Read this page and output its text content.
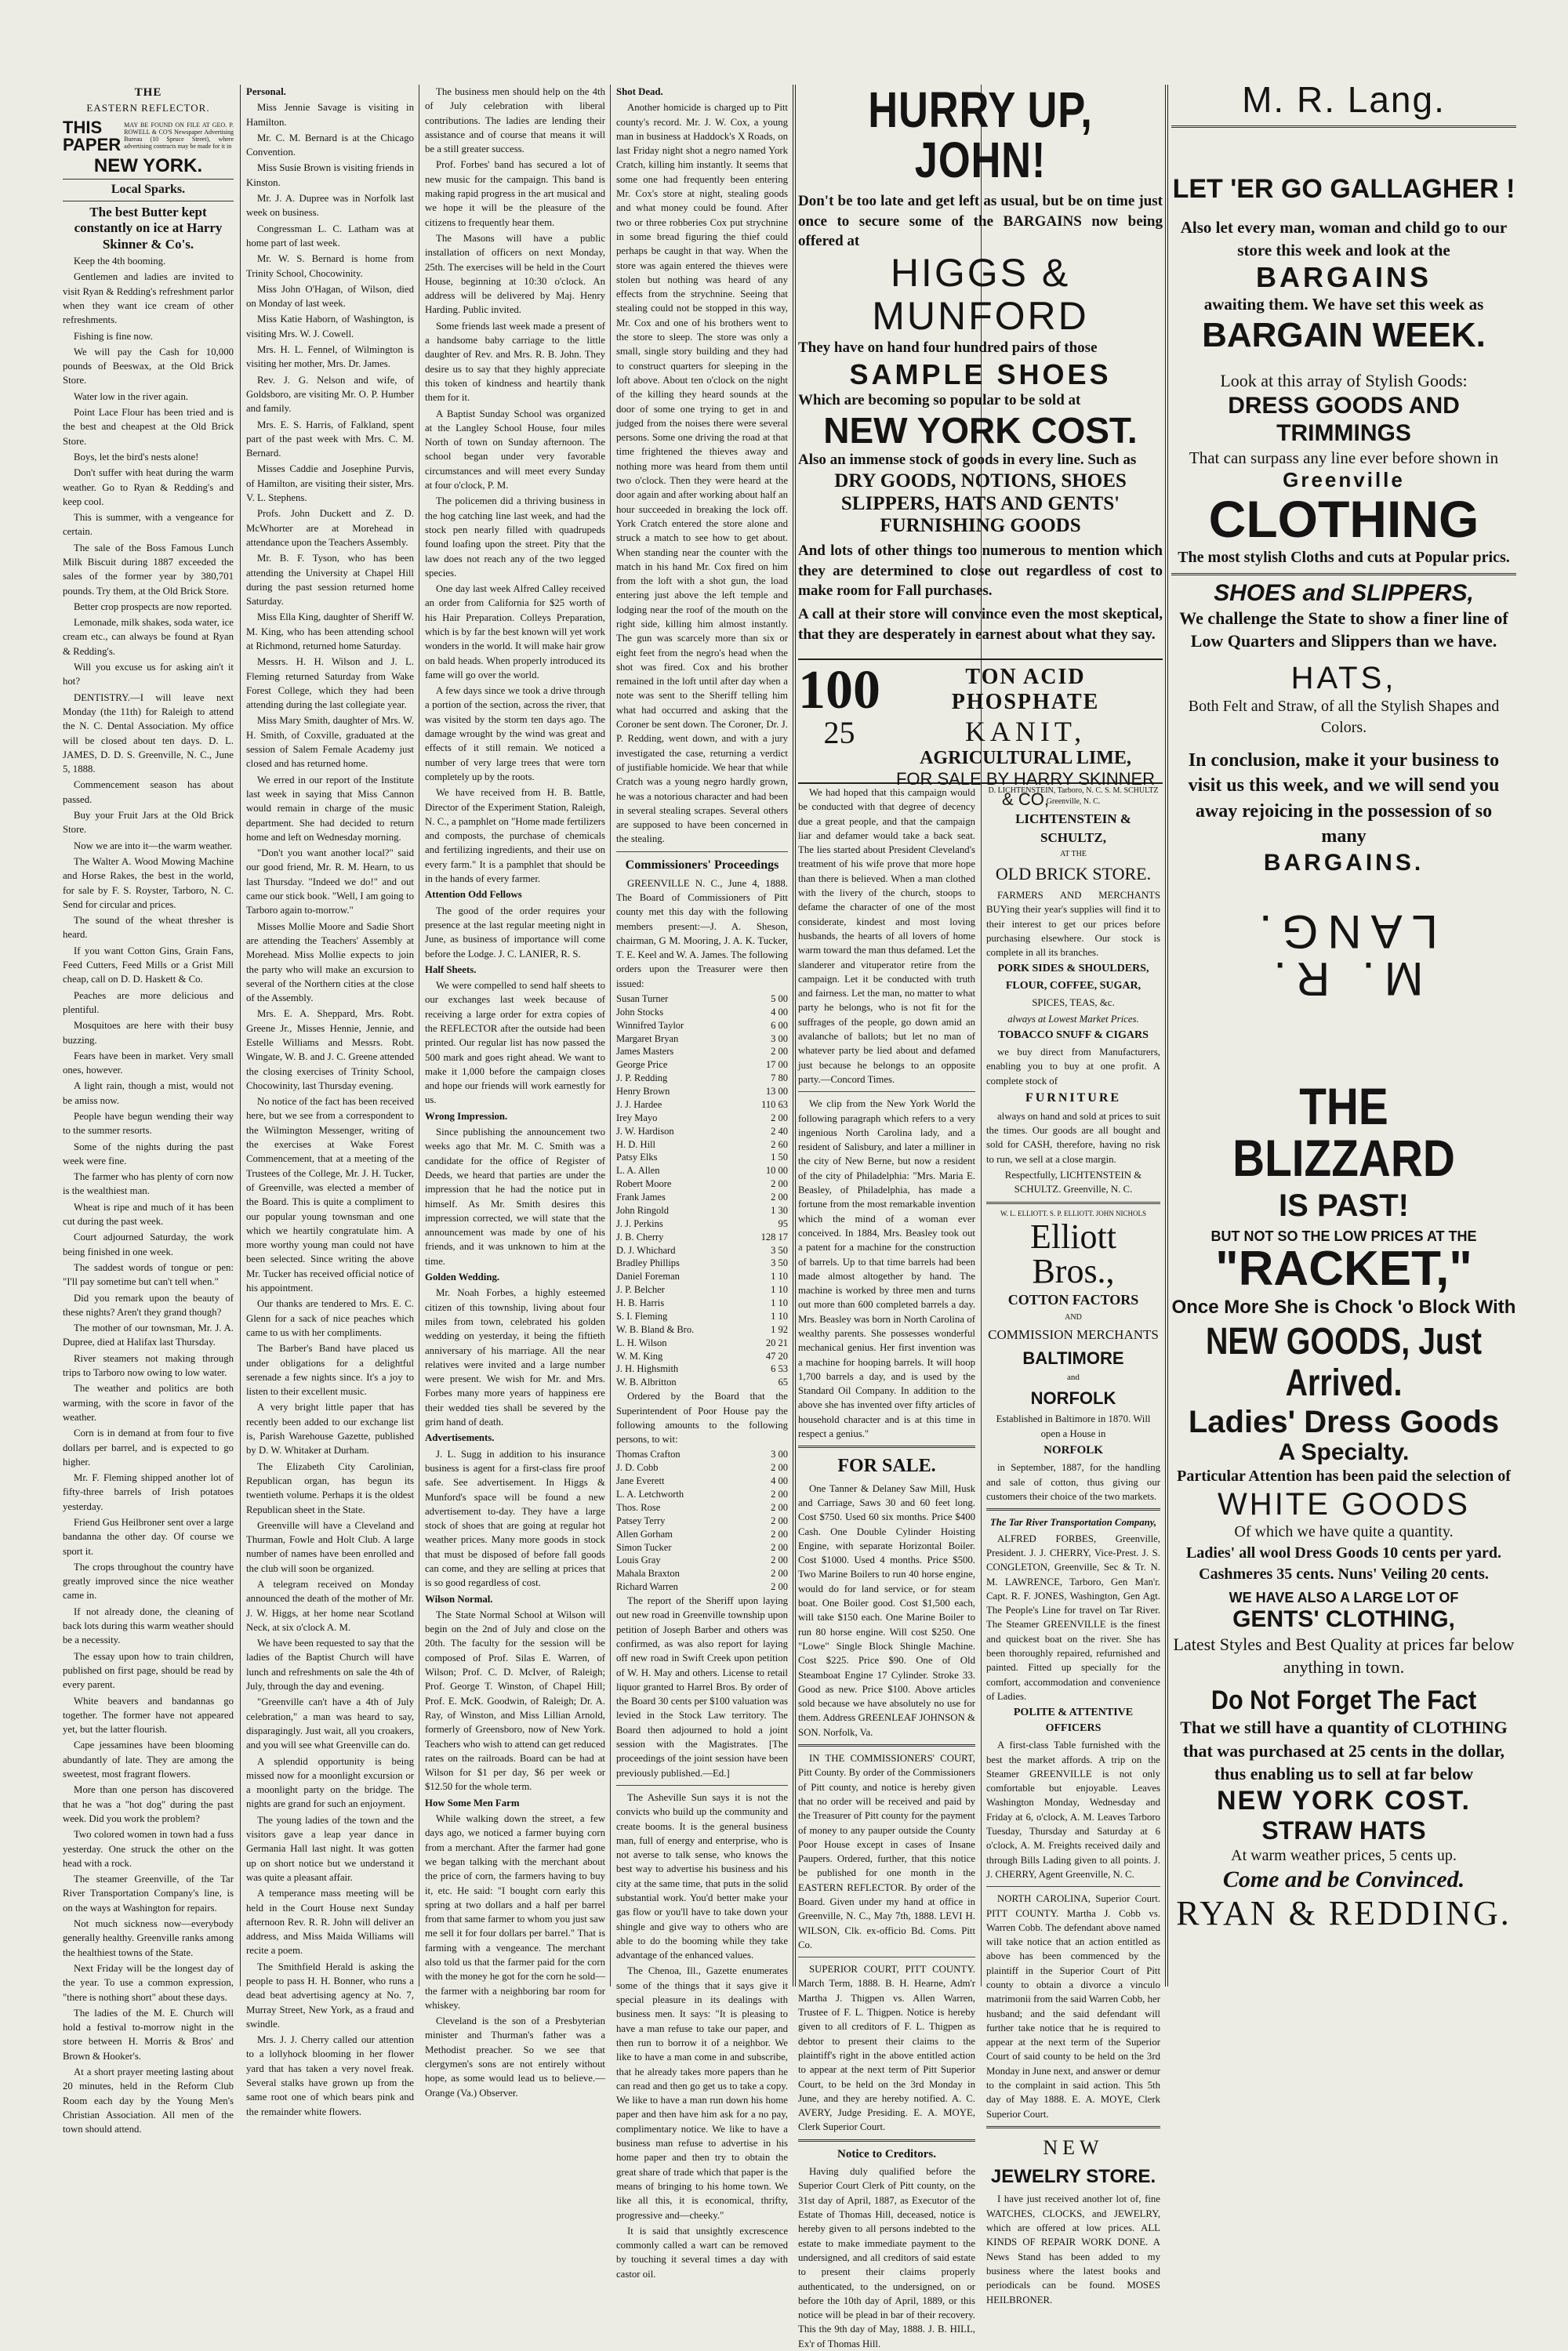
THE
EASTERN REFLECTOR.
THIS PAPER
MAY BE FOUND ON FILE AT GEO. P. ROWELL & CO'S Newspaper Advertising Bureau (10 Spruce Street), where advertising contracts may be made for it in
NEW YORK.
Local Sparks.

The best Butter kept constantly on ice at Harry Skinner & Co's.

Keep the 4th booming.

Gentlemen and ladies are invited to visit Ryan & Redding's refreshment parlor when they want ice cream of other refreshments.

Fishing is fine now.

We will pay the Cash for 10,000 pounds of Beeswax, at the Old Brick Store.

Water low in the river again.

Point Lace Flour has been tried and is the best and cheapest at the Old Brick Store.

Boys, let the bird's nests alone!

Don't suffer with heat during the warm weather. Go to Ryan & Redding's and keep cool.

This is summer, with a vengeance for certain.

The sale of the Boss Famous Lunch Milk Biscuit during 1887 exceeded the sales of the former year by 380,701 pounds. Try them, at the Old Brick Store.

Better crop prospects are now reported.

Lemonade, milk shakes, soda water, ice cream etc., can always be found at Ryan & Redding's.

Will you excuse us for asking ain't it hot?

DENTISTRY.—I will leave next Monday (the 11th) for Raleigh to attend the N. C. Dental Association. My office will be closed about ten days. D. L. JAMES, D. D. S. Greenville, N. C., June 5, 1888.

Commencement season has about passed.

Buy your Fruit Jars at the Old Brick Store.

Now we are into it—the warm weather.

The Walter A. Wood Mowing Machine and Horse Rakes, the best in the world, for sale by F. S. Royster, Tarboro, N. C. Send for circular and prices.

The sound of the wheat thresher is heard.

If you want Cotton Gins, Grain Fans, Feed Cutters, Feed Mills or a Grist Mill cheap, call on D. D. Haskett & Co.

Peaches are more delicious and plentiful.

Mosquitoes are here with their busy buzzing.

Fears have been in market. Very small ones, however.

A light rain, though a mist, would not be amiss now.

People have begun wending their way to the summer resorts.

Some of the nights during the past week were fine.

The farmer who has plenty of corn now is the wealthiest man.

Wheat is ripe and much of it has been cut during the past week.

Court adjourned Saturday, the work being finished in one week.

The saddest words of tongue or pen: "I'll pay sometime but can't tell when."

Did you remark upon the beauty of these nights? Aren't they grand though?

The mother of our townsman, Mr. J. A. Dupree, died at Halifax last Thursday.

River steamers not making through trips to Tarboro now owing to low water.

The weather and politics are both warming, with the score in favor of the weather.

Corn is in demand at from four to five dollars per barrel, and is expected to go higher.

Mr. F. Fleming shipped another lot of fifty-three barrels of Irish potatoes yesterday.

Friend Gus Heilbroner sent over a large bandanna the other day. Of course we sport it.

The crops throughout the country have greatly improved since the nice weather came in.

If not already done, the cleaning of back lots during this warm weather should be a necessity.

The essay upon how to train children, published on first page, should be read by every parent.

White beavers and bandannas go together. The former have not appeared yet, but the latter flourish.

Cape jessamines have been blooming abundantly of late. They are among the sweetest, most fragrant flowers.

More than one person has discovered that he was a "hot dog" during the past week. Did you work the problem?

Two colored women in town had a fuss yesterday. One struck the other on the head with a rock.

The steamer Greenville, of the Tar River Transportation Company's line, is on the ways at Washington for repairs.

Not much sickness now—everybody generally healthy. Greenville ranks among the healthiest towns of the State.

Next Friday will be the longest day of the year. To use a common expression, "there is nothing short" about these days.

The ladies of the M. E. Church will hold a festival to-morrow night in the store between H. Morris & Bros' and Brown & Hooker's.

At a short prayer meeting lasting about 20 minutes, held in the Reform Club Room each day by the Young Men's Christian Association. All men of the town should attend.

Personal.

Miss Jennie Savage is visiting in Hamilton.

Mr. C. M. Bernard is at the Chicago Convention.

Miss Susie Brown is visiting friends in Kinston.

Mr. J. A. Dupree was in Norfolk last week on business.

Congressman L. C. Latham was at home part of last week.

Mr. W. S. Bernard is home from Trinity School, Chocowinity.

Miss John O'Hagan, of Wilson, died on Monday of last week.

Miss Katie Haborn, of Washington, is visiting Mrs. W. J. Cowell.

Mrs. H. L. Fennel, of Wilmington is visiting her mother, Mrs. Dr. James.

Rev. J. G. Nelson and wife, of Goldsboro, are visiting Mr. O. P. Humber and family.

Mrs. E. S. Harris, of Falkland, spent part of the past week with Mrs. C. M. Bernard.

Misses Caddie and Josephine Purvis, of Hamilton, are visiting their sister, Mrs. V. L. Stephens.

Profs. John Duckett and Z. D. McWhorter are at Morehead in attendance upon the Teachers Assembly.

Mr. B. F. Tyson, who has been attending the University at Chapel Hill during the past session returned home Saturday.

Miss Ella King, daughter of Sheriff W. M. King, who has been attending school at Richmond, returned home Saturday.

Messrs. H. H. Wilson and J. L. Fleming returned Saturday from Wake Forest College, which they had been attending during the last collegiate year.

Miss Mary Smith, daughter of Mrs. W. H. Smith, of Coxville, graduated at the session of Salem Female Academy just closed and has returned home.

We erred in our report of the Institute last week in saying that Miss Cannon would remain in charge of the music department. She had decided to return home and left on Wednesday morning.

"Don't you want another local?" said our good friend, Mr. R. M. Hearn, to us last Thursday. "Indeed we do!" and out came our stick book. "Well, I am going to Tarboro again to-morrow."

Misses Mollie Moore and Sadie Short are attending the Teachers' Assembly at Morehead. Miss Mollie expects to join the party who will make an excursion to several of the Northern cities at the close of the Assembly.

Mrs. E. A. Sheppard, Mrs. Robt. Greene Jr., Misses Hennie, Jennie, and Estelle Williams and Messrs. Robt. Wingate, W. B. and J. C. Greene attended the closing exercises of Trinity School, Chocowinity, last Thursday evening.

No notice of the fact has been received here, but we see from a correspondent to the Wilmington Messenger, writing of the exercises at Wake Forest Commencement, that at a meeting of the Trustees of the College, Mr. J. H. Tucker, of Greenville, was elected a member of the Board. This is quite a compliment to our popular young townsman and one which we heartily congratulate him. A more worthy young man could not have been selected. Since writing the above Mr. Tucker has received official notice of his appointment.

Our thanks are tendered to Mrs. E. C. Glenn for a sack of nice peaches which came to us with her compliments.

The Barber's Band have placed us under obligations for a delightful serenade a few nights since. It's a joy to listen to their excellent music.

A very bright little paper that has recently been added to our exchange list is, Parish Warehouse Gazette, published by D. W. Whitaker at Durham.

The Elizabeth City Carolinian, Republican organ, has begun its twentieth volume. Perhaps it is the oldest Republican sheet in the State.

Greenville will have a Cleveland and Thurman, Fowle and Holt Club. A large number of names have been enrolled and the club will soon be organized.

A telegram received on Monday announced the death of the mother of Mr. J. W. Higgs, at her home near Scotland Neck, at six o'clock A. M.

We have been requested to say that the ladies of the Baptist Church will have lunch and refreshments on sale the 4th of July, through the day and evening.

"Greenville can't have a 4th of July celebration," a man was heard to say, disparagingly. Just wait, all you croakers, and you will see what Greenville can do.

A splendid opportunity is being missed now for a moonlight excursion or a moonlight party on the bridge. The nights are grand for such an enjoyment.

The young ladies of the town and the visitors gave a leap year dance in Germania Hall last night. It was gotten up on short notice but we understand it was quite a pleasant affair.

A temperance mass meeting will be held in the Court House next Sunday afternoon Rev. R. R. John will deliver an address, and Miss Maida Williams will recite a poem.

The Smithfield Herald is asking the people to pass H. H. Bonner, who runs a dead beat advertising agency at No. 7, Murray Street, New York, as a fraud and swindle.

Mrs. J. J. Cherry called our attention to a lollyhock blooming in her flower yard that has taken a very novel freak. Several stalks have grown up from the same root one of which bears pink and the remainder white flowers.

The business men should help on the 4th of July celebration with liberal contributions. The ladies are lending their assistance and of course that means it will be a still greater success.

Prof. Forbes' band has secured a lot of new music for the campaign. This band is making rapid progress in the art musical and we hope it will be the pleasure of the citizens to frequently hear them.

The Masons will have a public installation of officers on next Monday, 25th. The exercises will be held in the Court House, beginning at 10:30 o'clock. An address will be delivered by Maj. Henry Harding. Public invited.

Some friends last week made a present of a handsome baby carriage to the little daughter of Rev. and Mrs. R. B. John. They desire us to say that they highly appreciate this token of kindness and heartily thank them for it.

A Baptist Sunday School was organized at the Langley School House, four miles North of town on Sunday afternoon. The school began under very favorable circumstances and will meet every Sunday at four o'clock, P. M.

The policemen did a thriving business in the hog catching line last week, and had the stock pen nearly filled with quadrupeds found loafing upon the street. Pity that the law does not reach any of the two legged species.

One day last week Alfred Calley received an order from California for $25 worth of his Hair Preparation. Colleys Preparation, which is by far the best known will yet work wonders in the world. It will make hair grow on bald heads. When properly introduced its fame will go over the world.

A few days since we took a drive through a portion of the section, across the river, that was visited by the storm ten days ago. The damage wrought by the wind was great and effects of it still remain. We noticed a number of very large trees that were torn completely up by the roots.

We have received from H. B. Battle, Director of the Experiment Station, Raleigh, N. C., a pamphlet on "Home made fertilizers and composts, the purchase of chemicals and fertilizing ingredients, and their use on every farm." It is a pamphlet that should be in the hands of every farmer.

Attention Odd Fellows

The good of the order requires your presence at the last regular meeting night in June, as business of importance will come before the Lodge. J. C. LANIER, R. S.

Half Sheets.

We were compelled to send half sheets to our exchanges last week because of receiving a large order for extra copies of the REFLECTOR after the outside had been printed. Our regular list has now passed the 500 mark and goes right ahead. We want to make it 1,000 before the campaign closes and hope our friends will work earnestly for us.

Wrong Impression.

Since publishing the announcement two weeks ago that Mr. M. C. Smith was a candidate for the office of Register of Deeds, we heard that parties are under the impression that he had the notice put in himself. As Mr. Smith desires this impression corrected, we will state that the announcement was made by one of his friends, and it was unknown to him at the time.

Golden Wedding.

Mr. Noah Forbes, a highly esteemed citizen of this township, living about four miles from town, celebrated his golden wedding on yesterday, it being the fiftieth anniversary of his marriage. All the near relatives were invited and a large number were present. We wish for Mr. and Mrs. Forbes many more years of happiness ere their wedded ties shall be severed by the grim hand of death.

Advertisements.

J. L. Sugg in addition to his insurance business is agent for a first-class fire proof safe. See advertisement. In Higgs & Munford's space will be found a new advertisement to-day. They have a large stock of shoes that are going at regular hot weather prices. Many more goods in stock that must be disposed of before fall goods can come, and they are selling at prices that is so good regardless of cost.

Wilson Normal.

The State Normal School at Wilson will begin on the 2nd of July and close on the 20th. The faculty for the session will be composed of Prof. Silas E. Warren, of Wilson; Prof. C. D. McIver, of Raleigh; Prof. George T. Winston, of Chapel Hill; Prof. E. McK. Goodwin, of Raleigh; Dr. A. Ray, of Winston, and Miss Lillian Arnold, formerly of Greensboro, now of New York. Teachers who wish to attend can get reduced rates on the railroads. Board can be had at Wilson for $1 per day, $6 per week or $12.50 for the whole term.

How Some Men Farm

While walking down the street, a few days ago, we noticed a farmer buying corn from a merchant. After the farmer had gone we began talking with the merchant about the price of corn, the farmers having to buy it, etc. He said: "I bought corn early this spring at two dollars and a half per barrel from that same farmer to whom you just saw me sell it for four dollars per barrel." That is farming with a vengeance. The merchant also told us that the farmer paid for the corn with the money he got for the corn he sold—the farmer with a neighboring bar room for whiskey.

Cleveland is the son of a Presbyterian minister and Thurman's father was a Methodist preacher. So we see that clergymen's sons are not entirely without hope, as some would lead us to believe.—Orange (Va.) Observer.

Shot Dead.

Another homicide is charged up to Pitt county's record. Mr. J. W. Cox, a young man in business at Haddock's X Roads, on last Friday night shot a negro named York Cratch, killing him instantly. It seems that some one had frequently been entering Mr. Cox's store at night, stealing goods and what money could be found. After two or three robberies Cox put strychnine in some bread figuring the thief could perhaps be caught in that way. When the store was again entered the thieves were stolen but nothing was heard of any effects from the strychnine. Seeing that stealing could not be stopped in this way, Mr. Cox and one of his brothers went to the store to sleep. The store was only a small, single story building and they had to construct quarters for sleeping in the loft above. About ten o'clock on the night of the killing they heard sounds at the door of some one trying to get in and judged from the noises there were several persons. Some one driving the road at that time frightened the thieves away and nothing more was heard from them until two o'clock. Then they were heard at the door again and after working about half an hour succeeded in breaking the lock off. York Cratch entered the store alone and struck a match to see how to get about. When standing near the counter with the match in his hand Mr. Cox fired on him from the loft with a shot gun, the load entering just above the left temple and lodging near the roof of the mouth on the right side, killing him almost instantly. The gun was scarcely more than six or eight feet from the negro's head when the shot was fired. Cox and his brother remained in the loft until after day when a note was sent to the Sheriff telling him what had occurred and asking that the Coroner be sent down. The Coroner, Dr. J. P. Redding, went down, and with a jury investigated the case, returning a verdict of justifiable homicide. We hear that while Cratch was a young negro hardly grown, he was a notorious character and had been in several stealing scrapes. Several others are supposed to have been concerned in the stealing.

Commissioners' Proceedings

GREENVILLE N. C., June 4, 1888. The Board of Commissioners of Pitt county met this day with the following members present:—J. A. Sheson, chairman, G M. Mooring, J. A. K. Tucker, T. E. Keel and W. A. James. The following orders upon the Treasurer were then issued:

Susan Turner	5 00
John Stocks	4 00
Winnifred Taylor	6 00
Margaret Bryan	3 00
James Masters	2 00
George Price	17 00
J. P. Redding	7 80
Henry Brown	13 00
J. J. Hardee	110 63
Irey Mayo	2 00
J. W. Hardison	2 40
H. D. Hill	2 60
Patsy Elks	1 50
L. A. Allen	10 00
Robert Moore	2 00
Frank James	2 00
John Ringold	1 30
J. J. Perkins	95
J. B. Cherry	128 17
D. J. Whichard	3 50
Bradley Phillips	3 50
Daniel Foreman	1 10
J. P. Belcher	1 10
H. B. Harris	1 10
S. I. Fleming	1 10
W. B. Bland & Bro.	1 92
L. H. Wilson	20 21
W. M. King	47 20
J. H. Highsmith	6 53
W. B. Albritton	65

Ordered by the Board that the Superintendent of Poor House pay the following amounts to the following persons, to wit:

Thomas Crafton	3 00
J. D. Cobb	2 00
Jane Everett	4 00
L. A. Letchworth	2 00
Thos. Rose	2 00
Patsey Terry	2 00
Allen Gorham	2 00
Simon Tucker	2 00
Louis Gray	2 00
Mahala Braxton	2 00
Richard Warren	2 00

The report of the Sheriff upon laying out new road in Greenville township upon petition of Joseph Barber and others was confirmed, as was also report for laying off new road in Swift Creek upon petition of W. H. May and others. License to retail liquor granted to Harrel Bros. By order of the Board 30 cents per $100 valuation was levied in the Stock Law territory. The Board then adjourned to hold a joint session with the Magistrates. [The proceedings of the joint session have been previously published.—Ed.]

The Asheville Sun says it is not the convicts who build up the community and create booms. It is the general business man, full of energy and enterprise, who is not averse to talk sense, who knows the best way to advertise his business and his city at the same time, that puts in the solid substantial work. You'd better make your gas flow or you'll have to take down your shingle and give way to others who are able to do the booming while they take advantage of the enhanced values.

The Chenoa, Ill., Gazette enumerates some of the things that it says give it special pleasure in its dealings with business men. It says: "It is pleasing to have a man refuse to take our paper, and then run to borrow it of a neighbor. We like to have a man come in and subscribe, that he already takes more papers than he can read and then go get us to take a copy. We like to have a man run down his home paper and then have him ask for a no pay, complimentary notice. We like to have a business man refuse to advertise in his home paper and then try to obtain the great share of trade which that paper is the means of bringing to his home town. We like all this, it is economical, thrifty, progressive and—cheeky."

It is said that unsightly excrescence commonly called a wart can be removed by touching it several times a day with castor oil.

HURRY UP, JOHN!
Don't be too late and get left as usual, but be on time just once to secure some of the BARGAINS now being offered at
HIGGS & MUNFORD
They have on hand four hundred pairs of those
SAMPLE SHOES
Which are becoming so popular to be sold at
NEW YORK COST.
Also an immense stock of goods in every line. Such as
DRY GOODS, NOTIONS, SHOES
SLIPPERS, HATS AND GENTS' FURNISHING GOODS
And lots of other things too numerous to mention which they are determined to close out regardless of cost to make room for Fall purchases.
A call at their store will convince even the most skeptical, that they are desperately in earnest about what they say.
100
25
TON ACID PHOSPHATE
KANIT,
AGRICULTURAL LIME,
FOR SALE BY HARRY SKINNER & CO,

We had hoped that this campaign would be conducted with that degree of decency due a great people, and that the campaign liar and defamer would take a back seat. The lies started about President Cleveland's treatment of his wife prove that more hope than there is believed. When a man clothed with the livery of the church, stoops to defame the character of one of the most considerate, kindest and most loving husbands, the hearts of all lovers of home warm toward the man thus defamed. Let the slanderer and vituperator retire from the campaign. Let it be conducted with truth and fairness. Let the man, no matter to what party he belongs, who is not fit for the suffrages of the people, go down amid an avalanche of ballots; but let no man of whatever party be lied about and defamed just because he belongs to an opposite party.—Concord Times.

We clip from the New York World the following paragraph which refers to a very ingenious North Carolina lady, and a resident of Salisbury, and later a milliner in the city of New Berne, but now a resident of the city of Philadelphia: "Mrs. Maria E. Beasley, of Philadelphia, has made a fortune from the most remarkable invention which the mind of a woman ever conceived. In 1884, Mrs. Beasley took out a patent for a machine for the construction of barrels. Up to that time barrels had been made almost altogether by hand. The machine is worked by three men and turns out more than 600 completed barrels a day. Mrs. Beasley was born in North Carolina of wealthy parents. She possesses wonderful mechanical genius. Her first invention was a machine for hooping barrels. It will hoop 1,700 barrels a day, and is used by the Standard Oil Company. In addition to the above she has invented over fifty articles of household character and is at this time in respect a genius."

FOR SALE.

One Tanner & Delaney Saw Mill, Husk and Carriage, Saws 30 and 60 feet long. Cost $750. Used 60 six months. Price $400 Cash. One Double Cylinder Hoisting Engine, with separate Horizontal Boiler. Cost $1000. Used 4 months. Price $500. Two Marine Boilers to run 40 horse engine, would do for land service, or for steam boat. One Boiler good. Cost $1,500 each, will take $150 each. One Marine Boiler to run 80 horse engine. Will cost $250. One "Lowe" Single Block Shingle Machine. Cost $225. Price $90. One of Old Steamboat Engine 17 Cylinder. Stroke 33. Good as new. Price $100. Above articles sold because we have absolutely no use for them. Address GREENLEAF JOHNSON & SON. Norfolk, Va.

IN THE COMMISSIONERS' COURT, Pitt County. By order of the Commissioners of Pitt county, and notice is hereby given that no order will be received and paid by the Treasurer of Pitt county for the payment of money to any pauper outside the County Poor House except in cases of Insane Paupers. Ordered, further, that this notice be published for one month in the EASTERN REFLECTOR. By order of the Board. Given under my hand at office in Greenville, N. C., May 7th, 1888. LEVI H. WILSON, Clk. ex-officio Bd. Coms. Pitt Co.

SUPERIOR COURT, PITT COUNTY. March Term, 1888. B. H. Hearne, Adm'r Martha J. Thigpen vs. Allen Warren, Trustee of F. L. Thigpen. Notice is hereby given to all creditors of F. L. Thigpen as debtor to present their claims to the plaintiff's right in the above entitled action to appear at the next term of Pitt Superior Court, to be held on the 3rd Monday in June, and they are hereby notified. A. C. AVERY, Judge Presiding. E. A. MOYE, Clerk Superior Court.

Notice to Creditors.

Having duly qualified before the Superior Court Clerk of Pitt county, on the 31st day of April, 1887, as Executor of the Estate of Thomas Hill, deceased, notice is hereby given to all persons indebted to the estate to make immediate payment to the undersigned, and all creditors of said estate to present their claims properly authenticated, to the undersigned, on or before the 10th day of April, 1889, or this notice will be plead in bar of their recovery. This the 9th day of May, 1888. J. B. HILL, Ex'r of Thomas Hill.

D. LICHTENSTEIN, Tarboro, N. C. S. M. SCHULTZ Greenville, N. C.

LICHTENSTEIN & SCHULTZ,

AT THE

OLD BRICK STORE.

FARMERS AND MERCHANTS BUYing their year's supplies will find it to their interest to get our prices before purchasing elsewhere. Our stock is complete in all its branches.

PORK SIDES & SHOULDERS,

FLOUR, COFFEE, SUGAR,

SPICES, TEAS, &c.

always at Lowest Market Prices.

TOBACCO SNUFF & CIGARS

we buy direct from Manufacturers, enabling you to buy at one profit. A complete stock of

FURNITURE

always on hand and sold at prices to suit the times. Our goods are all bought and sold for CASH, therefore, having no risk to run, we sell at a close margin.

Respectfully, LICHTENSTEIN & SCHULTZ. Greenville, N. C.

W. L. ELLIOTT. S. P. ELLIOTT. JOHN NICHOLS

Elliott Bros.,

COTTON FACTORS

AND

COMMISSION MERCHANTS

BALTIMORE

and

NORFOLK

Established in Baltimore in 1870. Will open a House in

NORFOLK

in September, 1887, for the handling and sale of cotton, thus giving our customers their choice of the two markets.

The Tar River Transportation Company,

ALFRED FORBES, Greenville, President. J. J. CHERRY, Vice-Prest. J. S. CONGLETON, Greenville, Sec & Tr. N. M. LAWRENCE, Tarboro, Gen Man'r. Capt. R. F. JONES, Washington, Gen Agt. The People's Line for travel on Tar River. The Steamer GREENVILLE is the finest and quickest boat on the river. She has been thoroughly repaired, refurnished and painted. Fitted up specially for the comfort, accommodation and convenience of Ladies.

POLITE & ATTENTIVE OFFICERS

A first-class Table furnished with the best the market affords. A trip on the Steamer GREENVILLE is not only comfortable but enjoyable. Leaves Washington Monday, Wednesday and Friday at 6, o'clock, A. M. Leaves Tarboro Tuesday, Thursday and Saturday at 6 o'clock, A. M. Freights received daily and through Bills Lading given to all points. J. J. CHERRY, Agent Greenville, N. C.

NORTH CAROLINA, Superior Court. PITT COUNTY. Martha J. Cobb vs. Warren Cobb. The defendant above named will take notice that an action entitled as above has been commenced by the plaintiff in the Superior Court of Pitt county to obtain a divorce a vinculo matrimonii from the said Warren Cobb, her husband; and the said defendant will further take notice that he is required to appear at the next term of the Superior Court of said county to be held on the 3rd Monday in June next, and answer or demur to the complaint in said action. This 5th day of May 1888. E. A. MOYE, Clerk Superior Court.

NEW

JEWELRY STORE.

I have just received another lot of, fine WATCHES, CLOCKS, and JEWELRY, which are offered at low prices. ALL KINDS OF REPAIR WORK DONE. A News Stand has been added to my business where the latest books and periodicals can be found. MOSES HEILBRONER.

M. R. Lang.
LET 'ER GO GALLAGHER !
Also let every man, woman and child go to our store this week and look at the
BARGAINS
awaiting them. We have set this week as
BARGAIN WEEK.
Look at this array of Stylish Goods:
DRESS GOODS AND TRIMMINGS
That can surpass any line ever before shown in
Greenville
CLOTHING
The most stylish Cloths and cuts at Popular prics.
SHOES and SLIPPERS,
We challenge the State to show a finer line of Low Quarters and Slippers than we have.
HATS,
Both Felt and Straw, of all the Stylish Shapes and Colors.
In conclusion, make it your business to visit us this week, and we will send you away rejoicing in the possession of so many
BARGAINS.
M. R. LANG.
THE BLIZZARD
IS PAST!
BUT NOT SO THE LOW PRICES AT THE
"RACKET,"
Once More She is Chock 'o Block With
NEW GOODS, Just Arrived.
Ladies' Dress Goods
A Specialty.
Particular Attention has been paid the selection of
WHITE GOODS
Of which we have quite a quantity.
Ladies' all wool Dress Goods 10 cents per yard.
Cashmeres 35 cents. Nuns' Veiling 20 cents.
WE HAVE ALSO A LARGE LOT OF
GENTS' CLOTHING,
Latest Styles and Best Quality at prices far below anything in town.
Do Not Forget The Fact
That we still have a quantity of CLOTHING that was purchased at 25 cents in the dollar, thus enabling us to sell at far below
NEW YORK COST.
STRAW HATS
At warm weather prices, 5 cents up.
Come and be Convinced.
RYAN & REDDING.
